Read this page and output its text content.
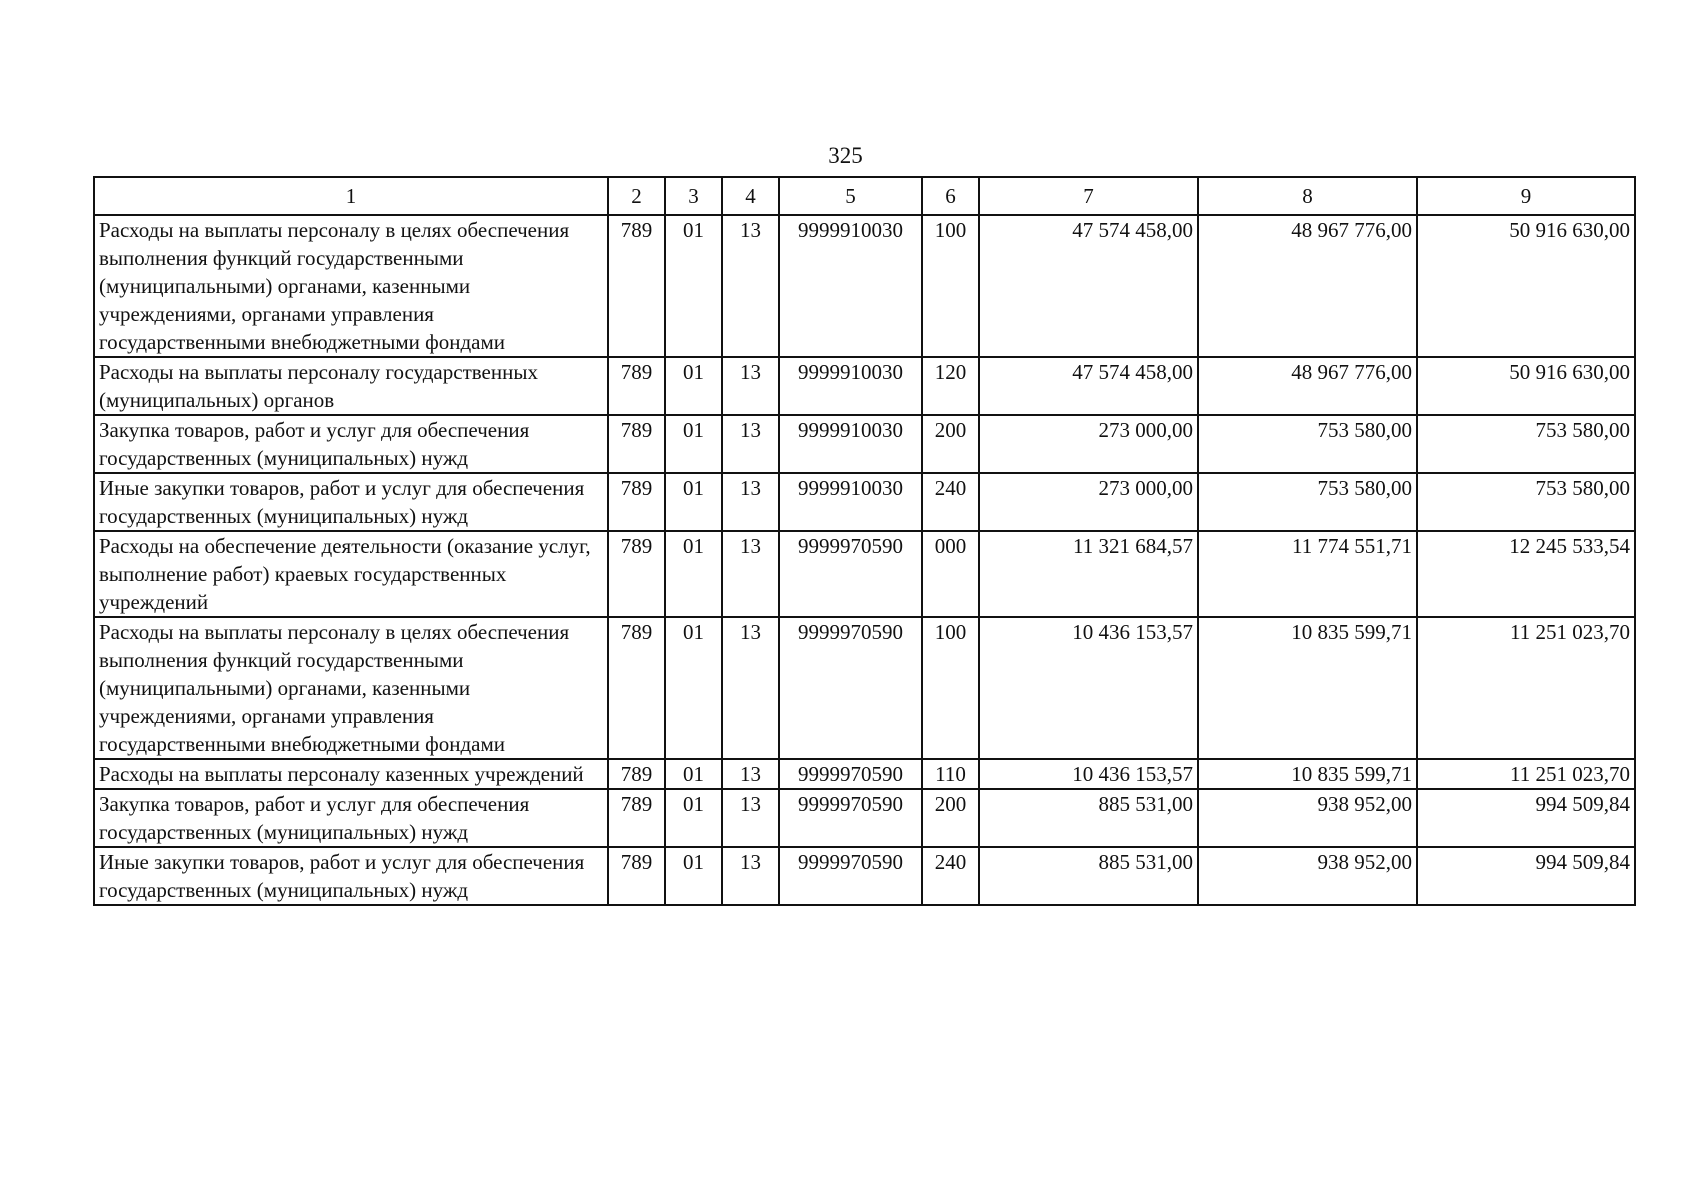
325
1	2	3	4	5	6	7	8	9
Расходы на выплаты персоналу в целях обеспечения выполнения функций государственными (муниципальными) органами, казенными учреждениями, органами управления государственными внебюджетными фондами	789	01	13	9999910030	100	47 574 458,00	48 967 776,00	50 916 630,00
Расходы на выплаты персоналу государственных (муниципальных) органов	789	01	13	9999910030	120	47 574 458,00	48 967 776,00	50 916 630,00
Закупка товаров, работ и услуг для обеспечения государственных (муниципальных) нужд	789	01	13	9999910030	200	273 000,00	753 580,00	753 580,00
Иные закупки товаров, работ и услуг для обеспечения государственных (муниципальных) нужд	789	01	13	9999910030	240	273 000,00	753 580,00	753 580,00
Расходы на обеспечение деятельности (оказание услуг, выполнение работ) краевых государственных учреждений	789	01	13	9999970590	000	11 321 684,57	11 774 551,71	12 245 533,54
Расходы на выплаты персоналу в целях обеспечения выполнения функций государственными (муниципальными) органами, казенными учреждениями, органами управления государственными внебюджетными фондами	789	01	13	9999970590	100	10 436 153,57	10 835 599,71	11 251 023,70
Расходы на выплаты персоналу казенных учреждений	789	01	13	9999970590	110	10 436 153,57	10 835 599,71	11 251 023,70
Закупка товаров, работ и услуг для обеспечения государственных (муниципальных) нужд	789	01	13	9999970590	200	885 531,00	938 952,00	994 509,84
Иные закупки товаров, работ и услуг для обеспечения государственных (муниципальных) нужд	789	01	13	9999970590	240	885 531,00	938 952,00	994 509,84
